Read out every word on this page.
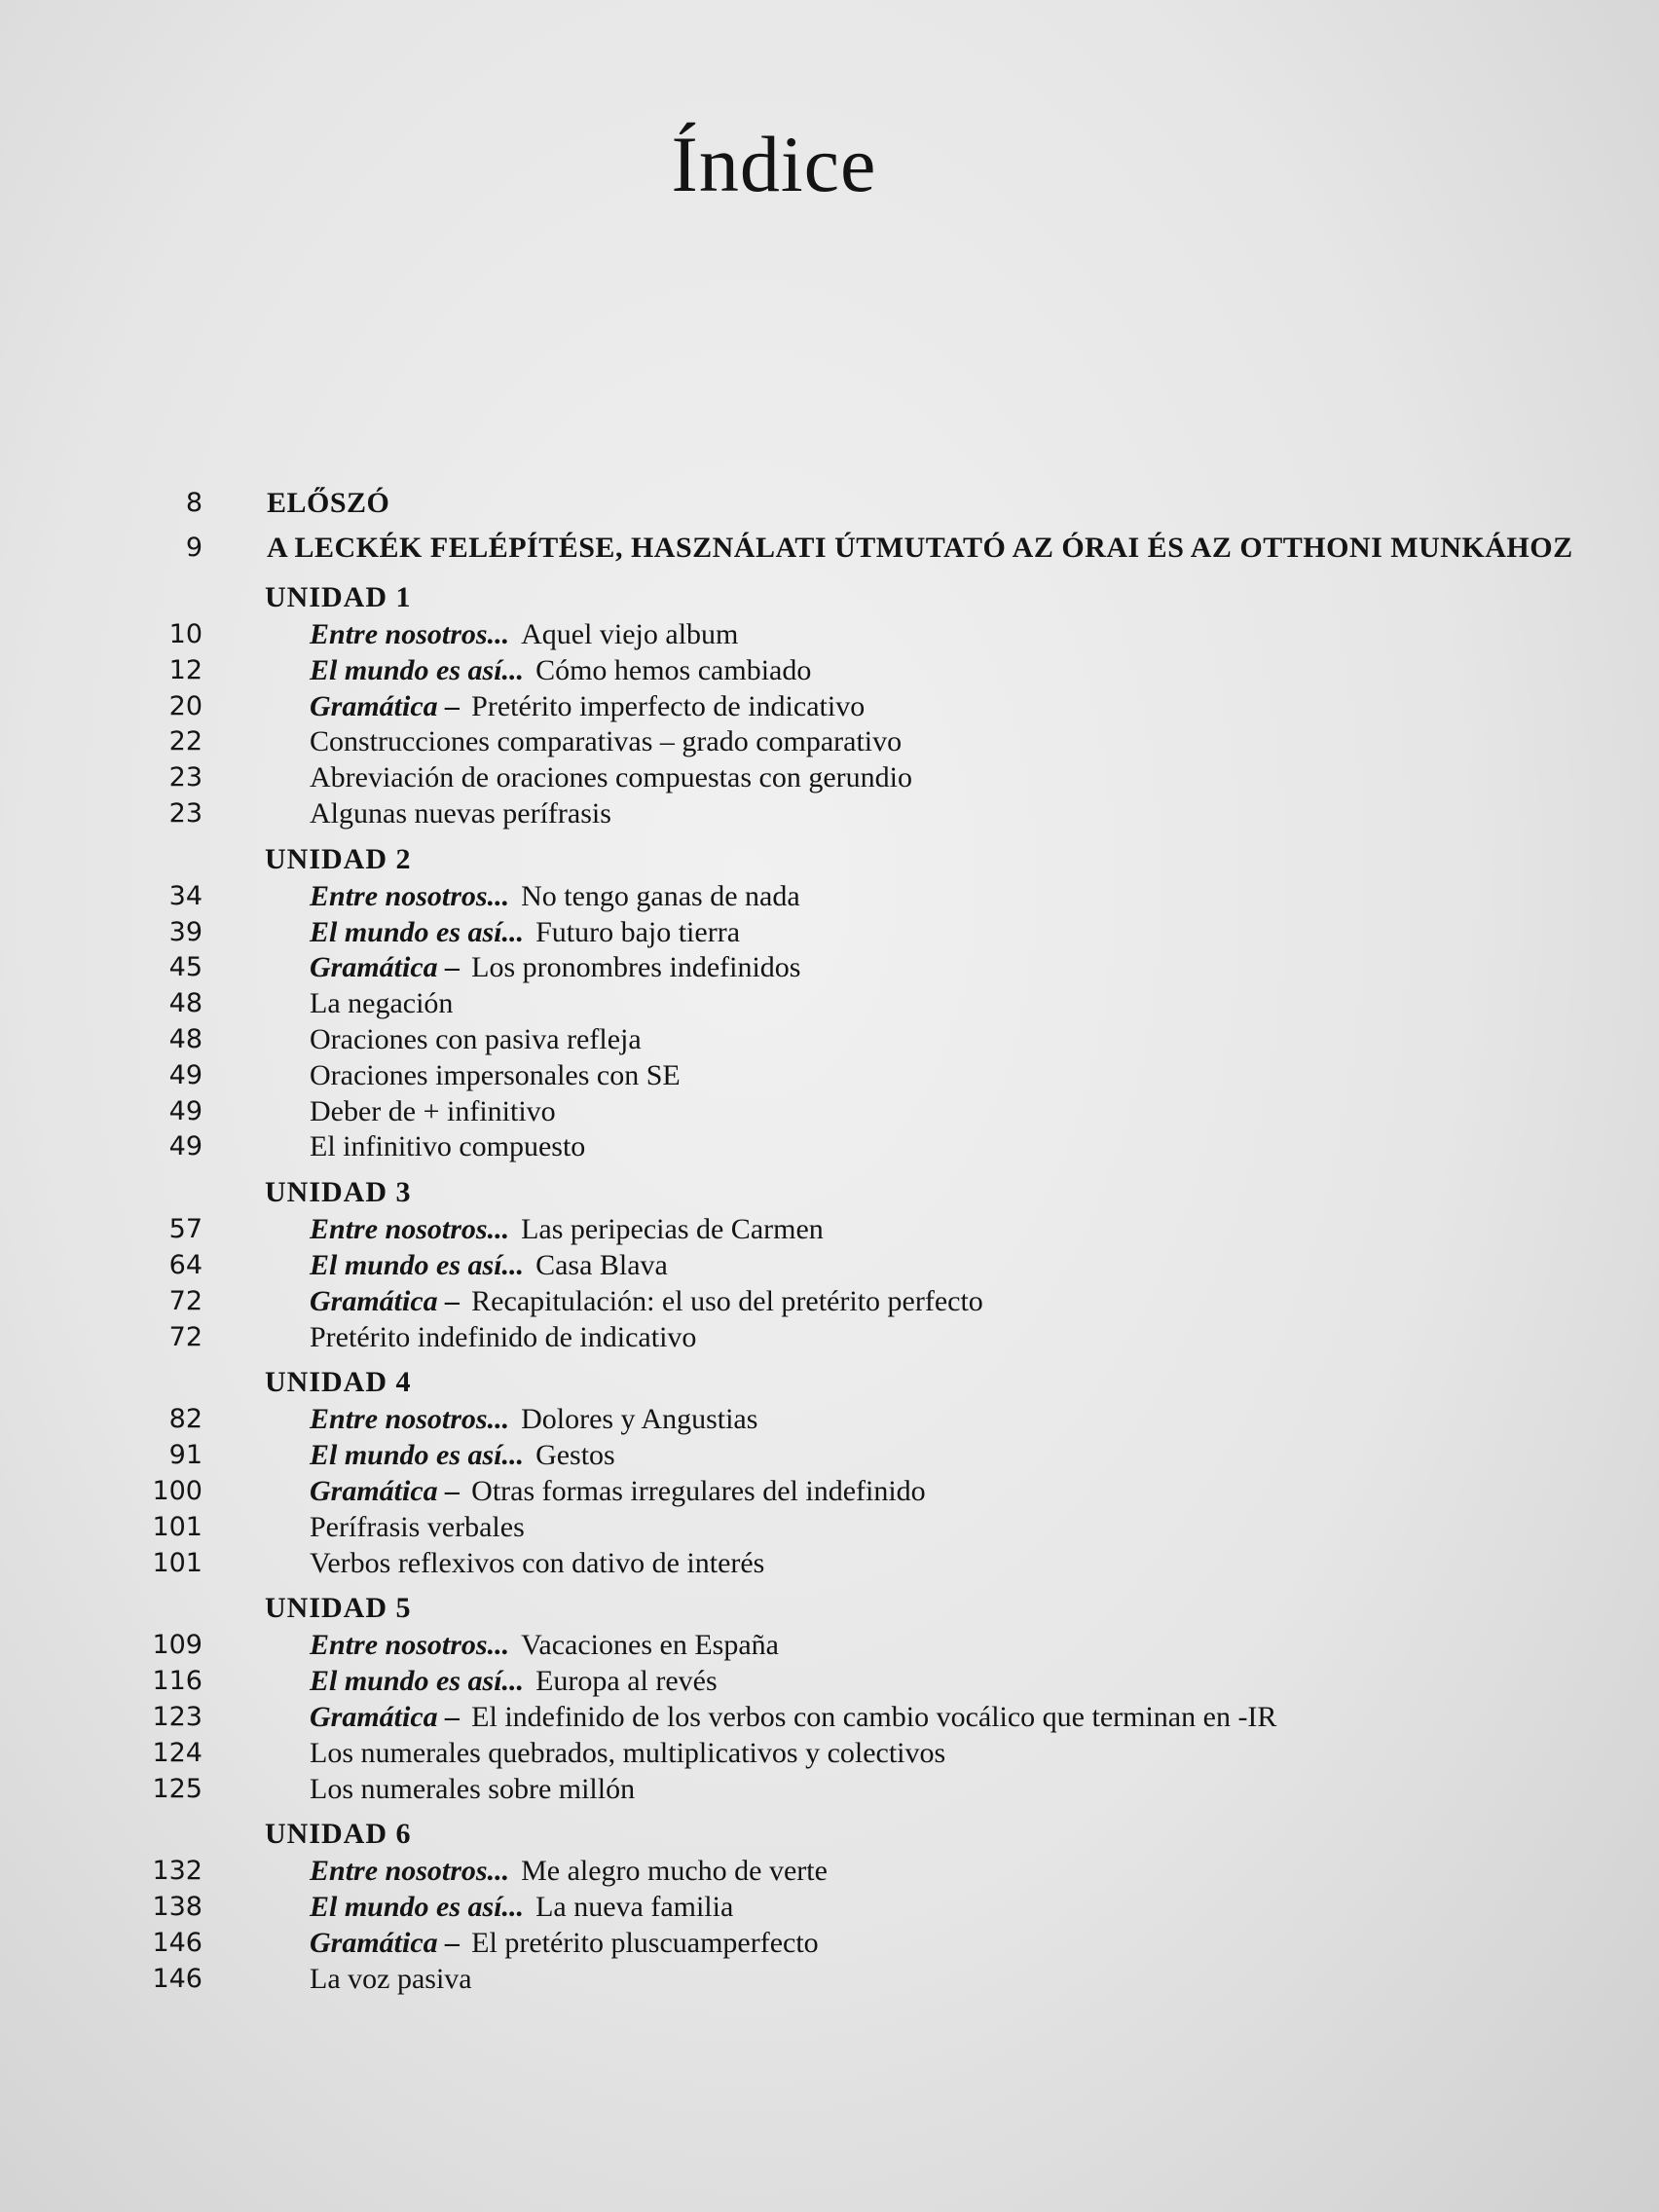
Índice
8 ELŐSZÓ
9 A LECKÉK FELÉPÍTÉSE, HASZNÁLATI ÚTMUTATÓ AZ ÓRAI ÉS AZ OTTHONI MUNKÁHOZ
UNIDAD 1
10	Entre nosotros... Aquel viejo album
12	El mundo es así... Cómo hemos cambiado
20	Gramática – Pretérito imperfecto de indicativo
22	Construcciones comparativas – grado comparativo
23	Abreviación de oraciones compuestas con gerundio
23	Algunas nuevas perífrasis
UNIDAD 2
34	Entre nosotros... No tengo ganas de nada
39	El mundo es así... Futuro bajo tierra
45	Gramática – Los pronombres indefinidos
48	La negación
48	Oraciones con pasiva refleja
49	Oraciones impersonales con SE
49	Deber de + infinitivo
49	El infinitivo compuesto
UNIDAD 3
57	Entre nosotros... Las peripecias de Carmen
64	El mundo es así... Casa Blava
72	Gramática – Recapitulación: el uso del pretérito perfecto
72	Pretérito indefinido de indicativo
UNIDAD 4
82	Entre nosotros... Dolores y Angustias
91	El mundo es así... Gestos
100	Gramática – Otras formas irregulares del indefinido
101	Perífrasis verbales
101	Verbos reflexivos con dativo de interés
UNIDAD 5
109	Entre nosotros... Vacaciones en España
116	El mundo es así... Europa al revés
123	Gramática – El indefinido de los verbos con cambio vocálico que terminan en -IR
124	Los numerales quebrados, multiplicativos y colectivos
125	Los numerales sobre millón
UNIDAD 6
132	Entre nosotros... Me alegro mucho de verte
138	El mundo es así... La nueva familia
146	Gramática – El pretérito pluscuamperfecto
146	La voz pasiva
